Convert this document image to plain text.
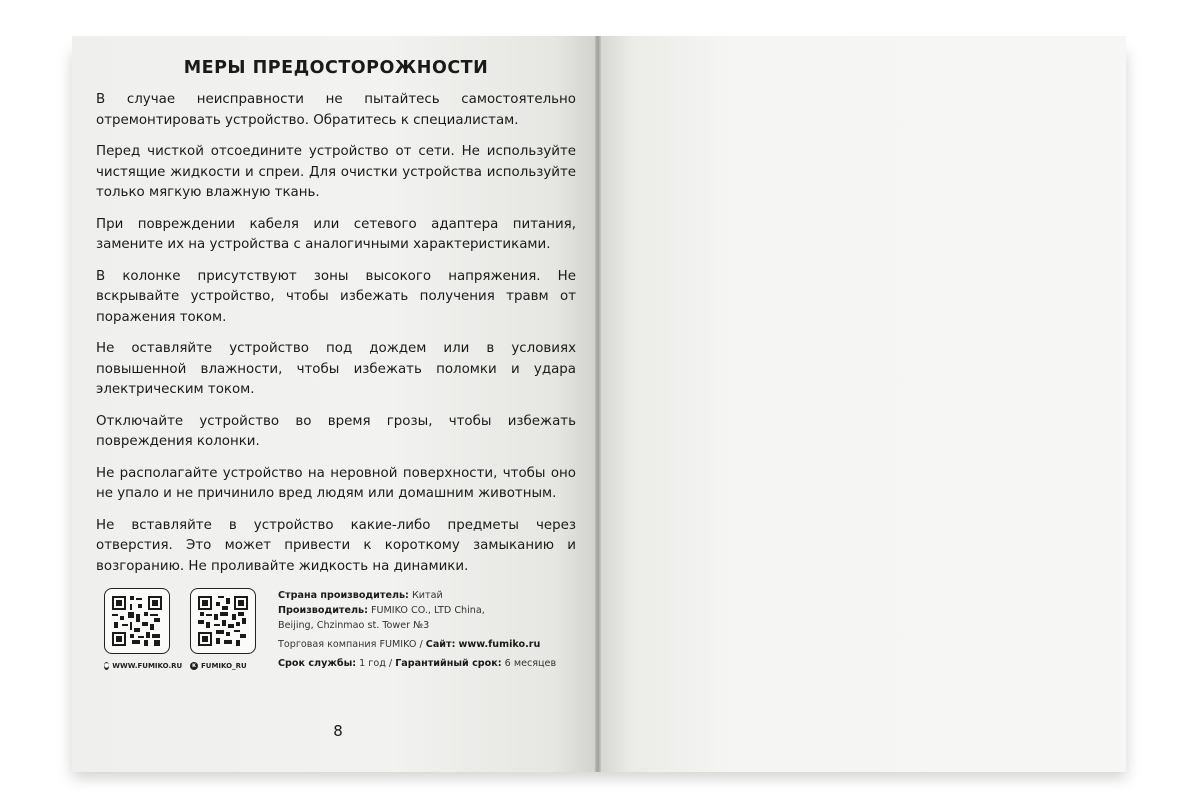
МЕРЫ ПРЕДОСТОРОЖНОСТИ

В случае неисправности не пытайтесь самостоятельно отремонтировать устройство. Обратитесь к специалистам.

Перед чисткой отсоедините устройство от сети. Не используйте чистящие жидкости и спреи. Для очистки устройства используйте только мягкую влажную ткань.

При повреждении кабеля или сетевого адаптера питания, замените их на устройства с аналогичными характеристиками.

В колонке присутствуют зоны высокого напряжения. Не вскрывайте устройство, чтобы избежать получения травм от поражения током.

Не оставляйте устройство под дождем или в условиях повышенной влажности, чтобы избежать поломки и удара электрическим током.

Отключайте устройство во время грозы, чтобы избежать повреждения колонки.

Не располагайте устройство на неровной поверхности, чтобы оно не упало и не причинило вред людям или домашним животным.

Не вставляйте в устройство какие-либо предметы через отверстия. Это может привести к короткому замыканию и возгоранию. Не проливайте жидкость на динамики.

● WWW.FUMIKO.RU	к FUMIKO_RU
Страна производитель: Китай
Производитель: FUMIKO CO., LTD China,
Beijing, Chzinmao st. Tower №3
Торговая компания FUMIKO / Сайт: www.fumiko.ru
Срок службы: 1 год / Гарантийный срок: 6 месяцев
8
